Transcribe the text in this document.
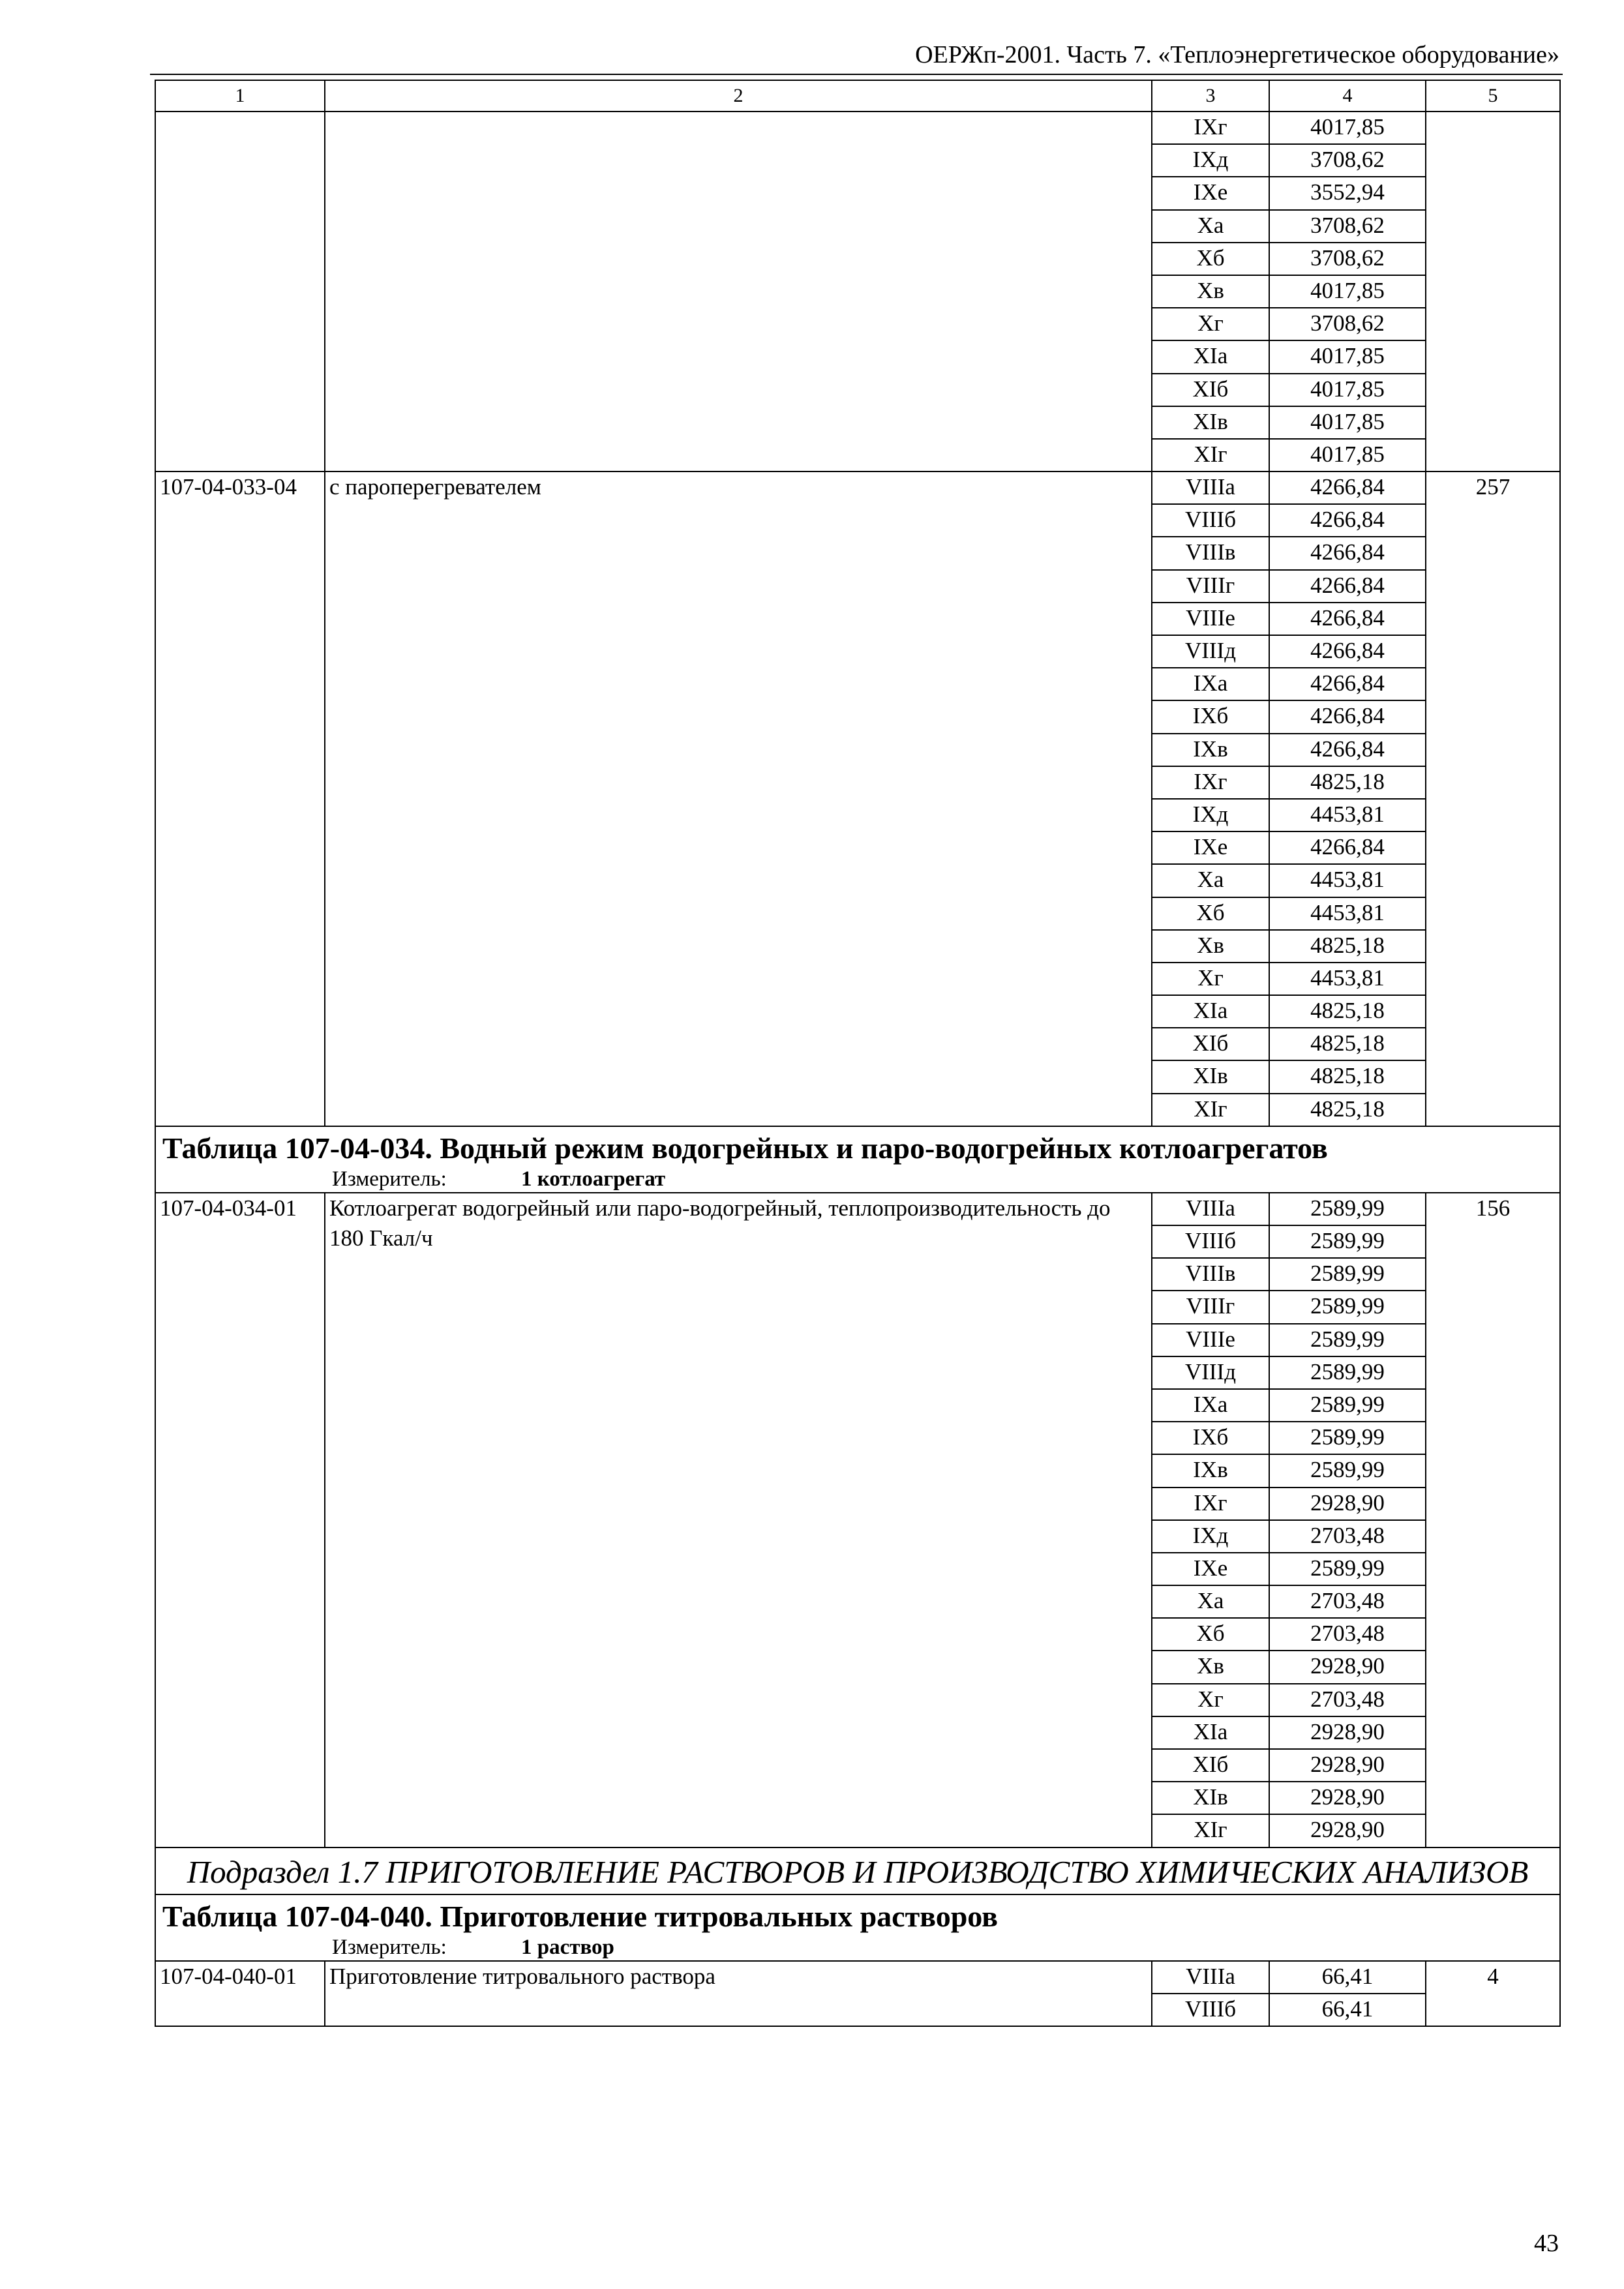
ОЕРЖп-2001. Часть 7. «Теплоэнергетическое оборудование»
1	2	3	4	5
		IXг	4017,85	
		IXд	3708,62	
		IXе	3552,94	
		Xа	3708,62	
		Xб	3708,62	
		Xв	4017,85	
		Xг	3708,62	
		XIа	4017,85	
		XIб	4017,85	
		XIв	4017,85	
		XIг	4017,85	
107-04-033-04	с пароперегревателем	VIIIа	4266,84	257
		VIIIб	4266,84	
		VIIIв	4266,84	
		VIIIг	4266,84	
		VIIIе	4266,84	
		VIIIд	4266,84	
		IXа	4266,84	
		IXб	4266,84	
		IXв	4266,84	
		IXг	4825,18	
		IXд	4453,81	
		IXе	4266,84	
		Xа	4453,81	
		Xб	4453,81	
		Xв	4825,18	
		Xг	4453,81	
		XIа	4825,18	
		XIб	4825,18	
		XIв	4825,18	
		XIг	4825,18	

Таблица 107-04-034. Водный режим водогрейных и паро-водогрейных котлоагрегатов
Измеритель: 1 котлоагрегат				

107-04-034-01	Котлоагрегат водогрейный или паро-водогрейный, теплопроизводительность до 180 Гкал/ч	VIIIа	2589,99	156
		VIIIб	2589,99	
		VIIIв	2589,99	
		VIIIг	2589,99	
		VIIIе	2589,99	
		VIIIд	2589,99	
		IXа	2589,99	
		IXб	2589,99	
		IXв	2589,99	
		IXг	2928,90	
		IXд	2703,48	
		IXе	2589,99	
		Xа	2703,48	
		Xб	2703,48	
		Xв	2928,90	
		Xг	2703,48	
		XIа	2928,90	
		XIб	2928,90	
		XIв	2928,90	
		XIг	2928,90	
Подраздел 1.7 ПРИГОТОВЛЕНИЕ РАСТВОРОВ И ПРОИЗВОДСТВО ХИМИЧЕСКИХ АНАЛИЗОВ				

Таблица 107-04-040. Приготовление титровальных растворов
Измеритель: 1 раствор				

107-04-040-01	Приготовление титровального раствора	VIIIа	66,41	4
		VIIIб	66,41	
43
